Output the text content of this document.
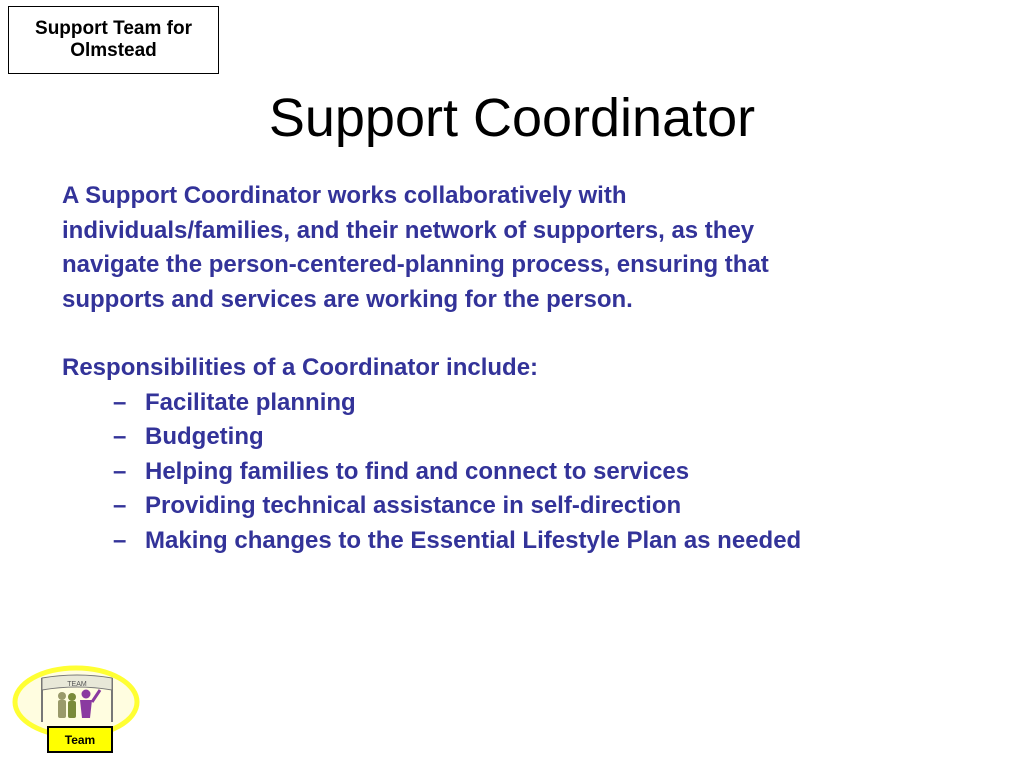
Support Team for
Olmstead
Support Coordinator
A Support Coordinator works collaboratively with
individuals/families, and their network of supporters, as they
navigate the person-centered-planning process, ensuring that
supports and services are working for the person.
Responsibilities of a Coordinator include:
– Facilitate planning
– Budgeting
– Helping families to find and connect to services
– Providing technical assistance in self-direction
– Making changes to the Essential Lifestyle Plan as needed
TEAM
Team
